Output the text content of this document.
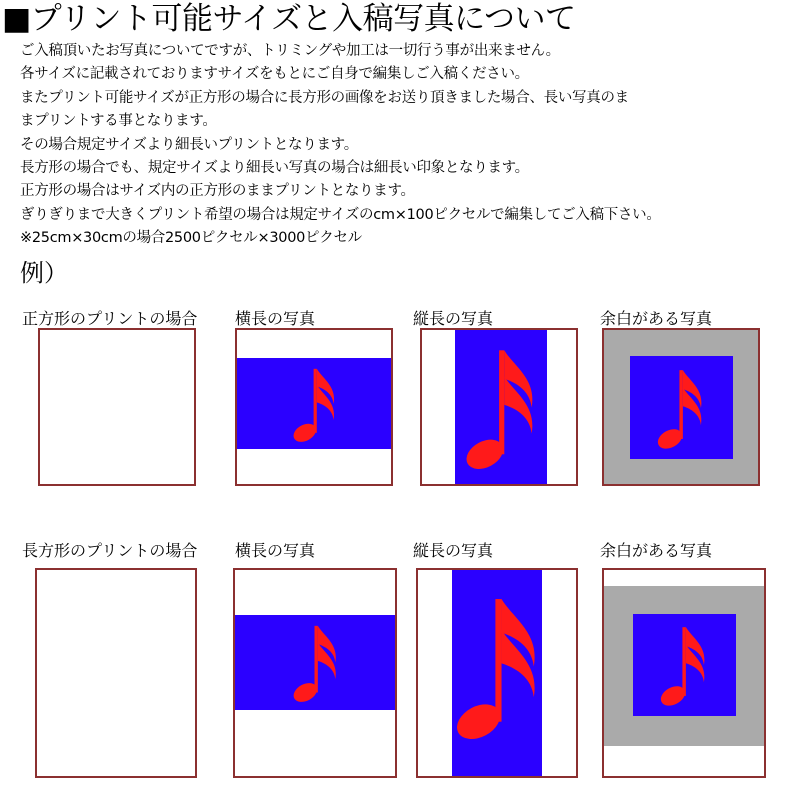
■プリント可能サイズと入稿写真について

ご入稿頂いたお写真についてですが、トリミングや加工は一切行う事が出来ません。

各サイズに記載されておりますサイズをもとにご自身で編集しご入稿ください。

またプリント可能サイズが正方形の場合に長方形の画像をお送り頂きました場合、長い写真のま

まプリントする事となります。

その場合規定サイズより細長いプリントとなります。

長方形の場合でも、規定サイズより細長い写真の場合は細長い印象となります。

正方形の場合はサイズ内の正方形のままプリントとなります。

ぎりぎりまで大きくプリント希望の場合は規定サイズのcm×100ピクセルで編集してご入稿下さい。

※25cm×30cmの場合2500ピクセル×3000ピクセル

例）
正方形のプリントの場合 横長の写真	縦長の写真	余白がある写真
長方形のプリントの場合 横長の写真	縦長の写真	余白がある写真
